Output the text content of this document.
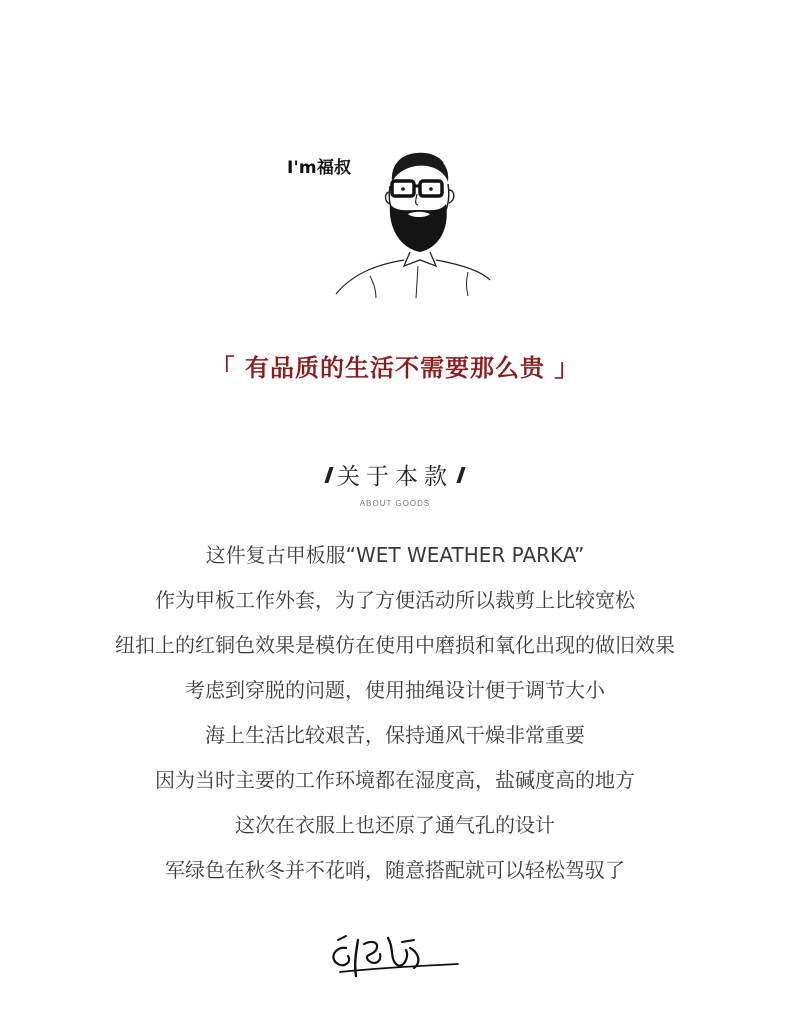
I'm福叔
「 有品质的生活不需要那么贵 」
关于本款
ABOUT GOODS
这件复古甲板服“WET WEATHER PARKA”
作为甲板工作外套，为了方便活动所以裁剪上比较宽松
纽扣上的红铜色效果是模仿在使用中磨损和氧化出现的做旧效果
考虑到穿脱的问题，使用抽绳设计便于调节大小
海上生活比较艰苦，保持通风干燥非常重要
因为当时主要的工作环境都在湿度高，盐碱度高的地方
这次在衣服上也还原了通气孔的设计
军绿色在秋冬并不花哨，随意搭配就可以轻松驾驭了
